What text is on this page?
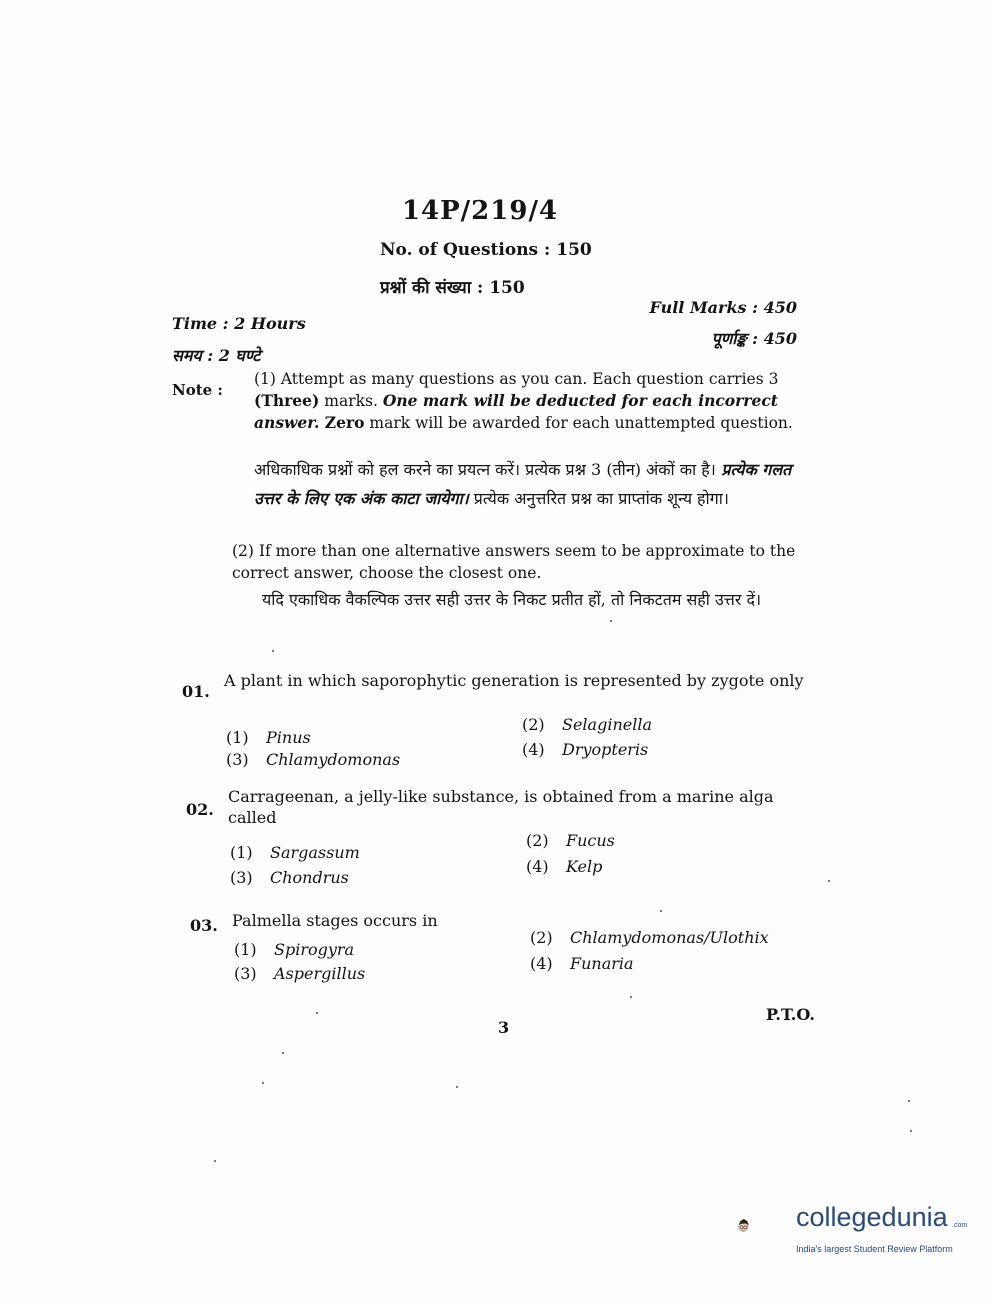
14P/219/4
No. of Questions : 150
प्रश्नों की संख्या : 150
Time : 2 Hours
समय : 2 घण्टे
Full Marks : 450
पूर्णाङ्क : 450
Note :
(1) Attempt as many questions as you can. Each question carries 3 (Three) marks. One mark will be deducted for each incorrect answer. Zero mark will be awarded for each unattempted question.
अधिकाधिक प्रश्नों को हल करने का प्रयत्न करें। प्रत्येक प्रश्न 3 (तीन) अंकों का है। प्रत्येक गलत उत्तर के लिए एक अंक काटा जायेगा। प्रत्येक अनुत्तरित प्रश्न का प्राप्तांक शून्य होगा।
(2) If more than one alternative answers seem to be approximate to the correct answer, choose the closest one.
यदि एकाधिक वैकल्पिक उत्तर सही उत्तर के निकट प्रतीत हों, तो निकटतम सही उत्तर दें।
01.
A plant in which saporophytic generation is represented by zygote only
(1) Pinus
(2) Selaginella
(3) Chlamydomonas
(4) Dryopteris
02.
Carrageenan, a jelly-like substance, is obtained from a marine alga called
(1) Sargassum
(2) Fucus
(3) Chondrus
(4) Kelp
03. Palmella stages occurs in
(1) Spirogyra
(2) Chlamydomonas/Ulothix
(3) Aspergillus
(4) Funaria
3
P.T.O.
collegedunia .com
India's largest Student Review Platform
